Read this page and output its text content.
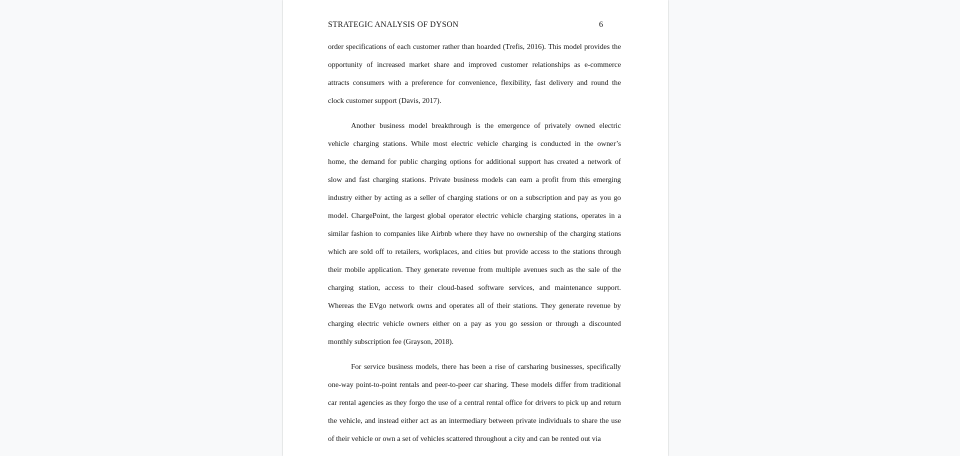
STRATEGIC ANALYSIS OF DYSON	6
order specifications of each customer rather than hoarded (Trefis, 2016). This model provides the
opportunity of increased market share and improved customer relationships as e-commerce
attracts consumers with a preference for convenience, flexibility, fast delivery and round the
clock customer support (Davis, 2017).
Another business model breakthrough is the emergence of privately owned electric
vehicle charging stations. While most electric vehicle charging is conducted in the owner’s
home, the demand for public charging options for additional support has created a network of
slow and fast charging stations. Private business models can earn a profit from this emerging
industry either by acting as a seller of charging stations or on a subscription and pay as you go
model. ChargePoint, the largest global operator electric vehicle charging stations, operates in a
similar fashion to companies like Airbnb where they have no ownership of the charging stations
which are sold off to retailers, workplaces, and cities but provide access to the stations through
their mobile application. They generate revenue from multiple avenues such as the sale of the
charging station, access to their cloud-based software services, and maintenance support.
Whereas the EVgo network owns and operates all of their stations. They generate revenue by
charging electric vehicle owners either on a pay as you go session or through a discounted
monthly subscription fee (Grayson, 2018).
For service business models, there has been a rise of carsharing businesses, specifically
one-way point-to-point rentals and peer-to-peer car sharing. These models differ from traditional
car rental agencies as they forgo the use of a central rental office for drivers to pick up and return
the vehicle, and instead either act as an intermediary between private individuals to share the use
of their vehicle or own a set of vehicles scattered throughout a city and can be rented out via
